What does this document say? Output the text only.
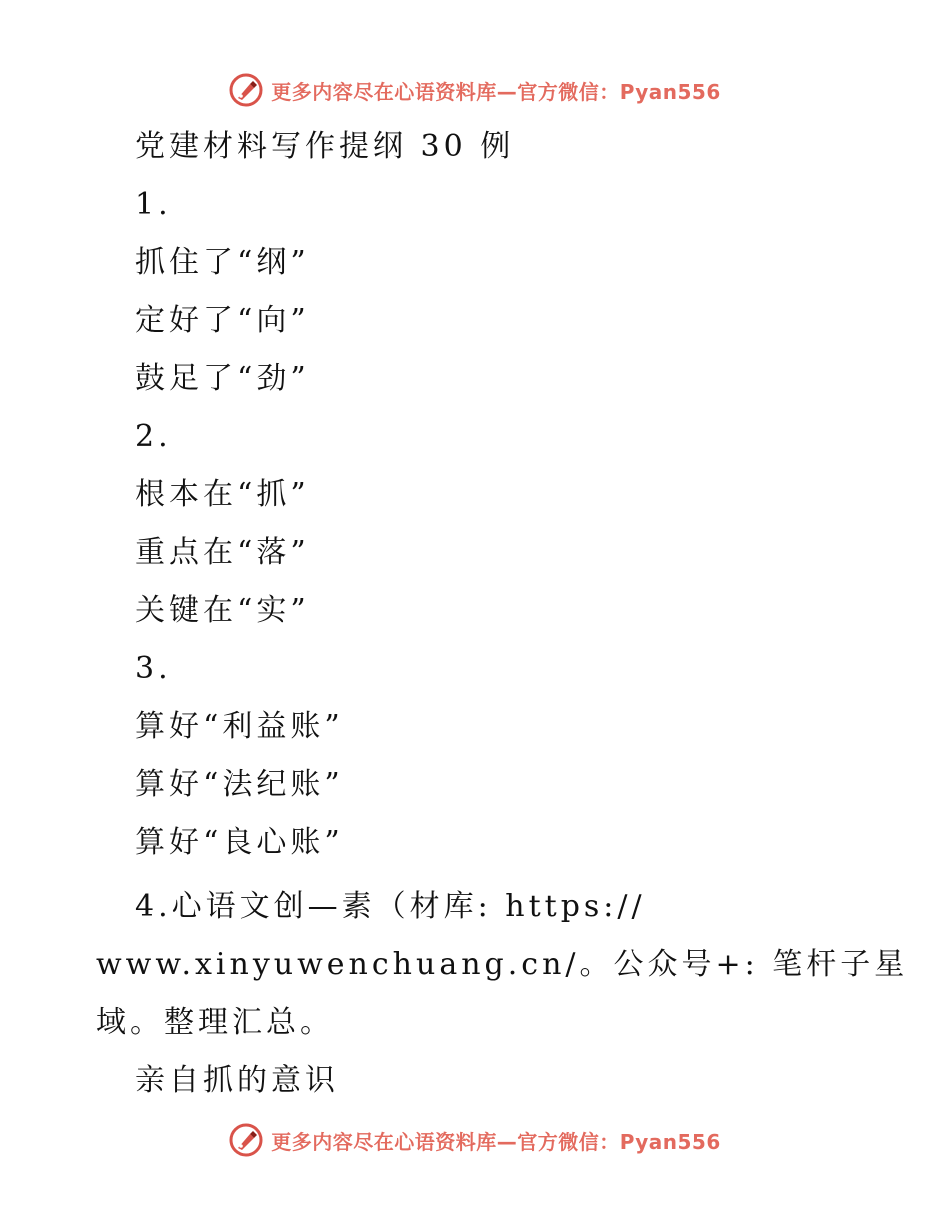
更多内容尽在心语资料库—官方微信：Pyan556
党建材料写作提纲 30 例
1.
抓住了“纲”
定好了“向”
鼓足了“劲”
2.
根本在“抓”
重点在“落”
关键在“实”
3.
算好“利益账”
算好“法纪账”
算好“良心账”
4.心语文创—素（材库: https://
www.xinyuwenchuang.cn/。公众号+: 笔杆子星
域。整理汇总。
亲自抓的意识
更多内容尽在心语资料库—官方微信：Pyan556
